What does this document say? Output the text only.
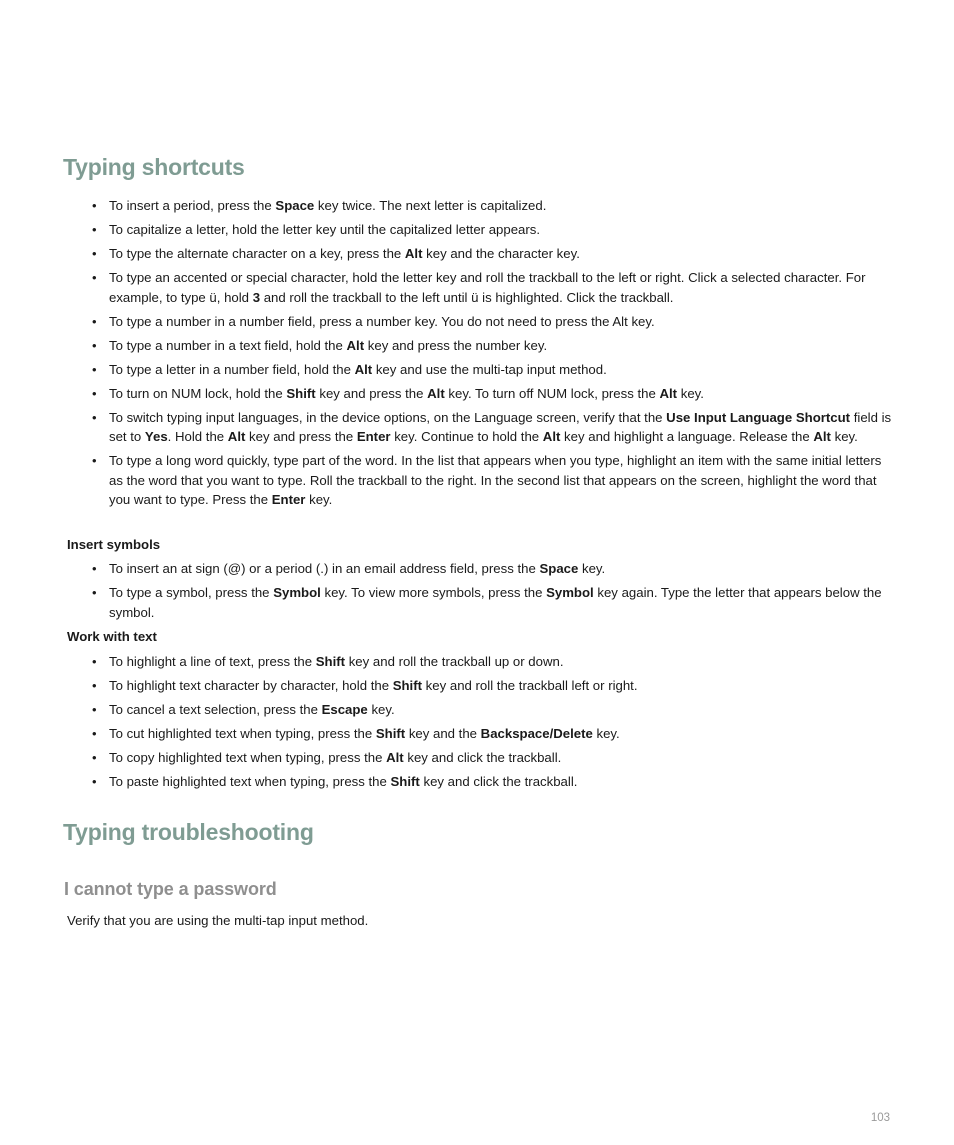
Typing shortcuts
• To insert a period, press the Space key twice. The next letter is capitalized.
• To capitalize a letter, hold the letter key until the capitalized letter appears.
• To type the alternate character on a key, press the Alt key and the character key.
• To type an accented or special character, hold the letter key and roll the trackball to the left or right. Click a selected character. For example, to type ü, hold 3 and roll the trackball to the left until ü is highlighted. Click the trackball.
• To type a number in a number field, press a number key. You do not need to press the Alt key.
• To type a number in a text field, hold the Alt key and press the number key.
• To type a letter in a number field, hold the Alt key and use the multi-tap input method.
• To turn on NUM lock, hold the Shift key and press the Alt key. To turn off NUM lock, press the Alt key.
• To switch typing input languages, in the device options, on the Language screen, verify that the Use Input Language Shortcut field is set to Yes. Hold the Alt key and press the Enter key. Continue to hold the Alt key and highlight a language. Release the Alt key.
• To type a long word quickly, type part of the word. In the list that appears when you type, highlight an item with the same initial letters as the word that you want to type. Roll the trackball to the right. In the second list that appears on the screen, highlight the word that you want to type. Press the Enter key.
Insert symbols
• To insert an at sign (@) or a period (.) in an email address field, press the Space key.
• To type a symbol, press the Symbol key. To view more symbols, press the Symbol key again. Type the letter that appears below the symbol.
Work with text
• To highlight a line of text, press the Shift key and roll the trackball up or down.
• To highlight text character by character, hold the Shift key and roll the trackball left or right.
• To cancel a text selection, press the Escape key.
• To cut highlighted text when typing, press the Shift key and the Backspace/Delete key.
• To copy highlighted text when typing, press the Alt key and click the trackball.
• To paste highlighted text when typing, press the Shift key and click the trackball.
Typing troubleshooting
I cannot type a password

Verify that you are using the multi-tap input method.

103
